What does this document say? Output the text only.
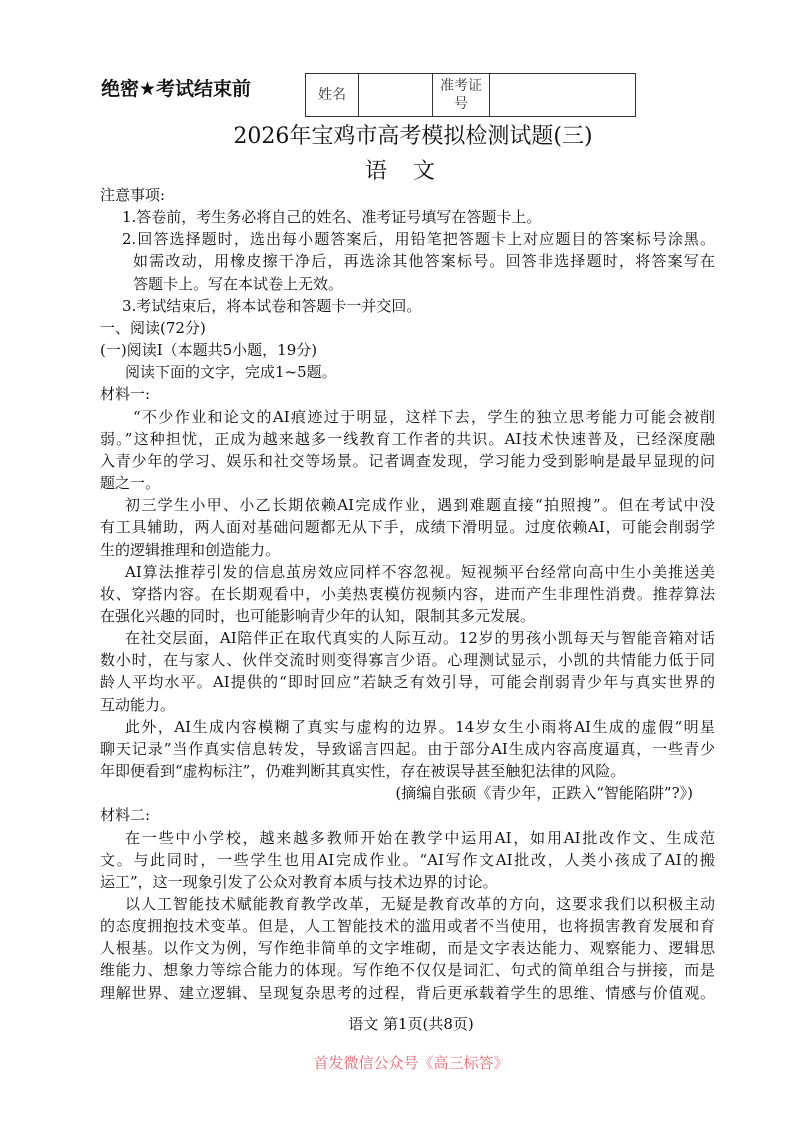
绝密★考试结束前	姓名		准考证号	
2026年宝鸡市高考模拟检测试题(三)
语文
注意事项:
1.答卷前，考生务必将自己的姓名、准考证号填写在答题卡上。
2.回答选择题时，选出每小题答案后，用铅笔把答题卡上对应题目的答案标号涂黑。
如需改动，用橡皮擦干净后，再选涂其他答案标号。回答非选择题时，将答案写在
答题卡上。写在本试卷上无效。
3.考试结束后，将本试卷和答题卡一并交回。
一、阅读(72分)
(一)阅读Ⅰ（本题共5小题，19分)
阅读下面的文字，完成1~5题。
材料一:
“不少作业和论文的AI痕迹过于明显，这样下去，学生的独立思考能力可能会被削
弱。”这种担忧，正成为越来越多一线教育工作者的共识。AI技术快速普及，已经深度融
入青少年的学习、娱乐和社交等场景。记者调查发现，学习能力受到影响是最早显现的问
题之一。
初三学生小甲、小乙长期依赖AI完成作业，遇到难题直接“拍照搜”。但在考试中没
有工具辅助，两人面对基础问题都无从下手，成绩下滑明显。过度依赖AI，可能会削弱学
生的逻辑推理和创造能力。
AI算法推荐引发的信息茧房效应同样不容忽视。短视频平台经常向高中生小美推送美
妆、穿搭内容。在长期观看中，小美热衷模仿视频内容，进而产生非理性消费。推荐算法
在强化兴趣的同时，也可能影响青少年的认知，限制其多元发展。
在社交层面，AI陪伴正在取代真实的人际互动。12岁的男孩小凯每天与智能音箱对话
数小时，在与家人、伙伴交流时则变得寡言少语。心理测试显示，小凯的共情能力低于同
龄人平均水平。AI提供的“即时回应”若缺乏有效引导，可能会削弱青少年与真实世界的
互动能力。
此外，AI生成内容模糊了真实与虚构的边界。14岁女生小雨将AI生成的虚假“明星
聊天记录”当作真实信息转发，导致谣言四起。由于部分AI生成内容高度逼真，一些青少
年即便看到“虚构标注”，仍难判断其真实性，存在被误导甚至触犯法律的风险。
(摘编自张硕《青少年，正跌入“智能陷阱”?》)
材料二:
在一些中小学校，越来越多教师开始在教学中运用AI，如用AI批改作文、生成范
文。与此同时，一些学生也用AI完成作业。“AI写作文AI批改，人类小孩成了AI的搬
运工”，这一现象引发了公众对教育本质与技术边界的讨论。
以人工智能技术赋能教育教学改革，无疑是教育改革的方向，这要求我们以积极主动
的态度拥抱技术变革。但是，人工智能技术的滥用或者不当使用，也将损害教育发展和育
人根基。以作文为例，写作绝非简单的文字堆砌，而是文字表达能力、观察能力、逻辑思
维能力、想象力等综合能力的体现。写作绝不仅仅是词汇、句式的简单组合与拼接，而是
理解世界、建立逻辑、呈现复杂思考的过程，背后更承载着学生的思维、情感与价值观。
语文 第1页(共8页)
首发微信公众号《高三标答》
